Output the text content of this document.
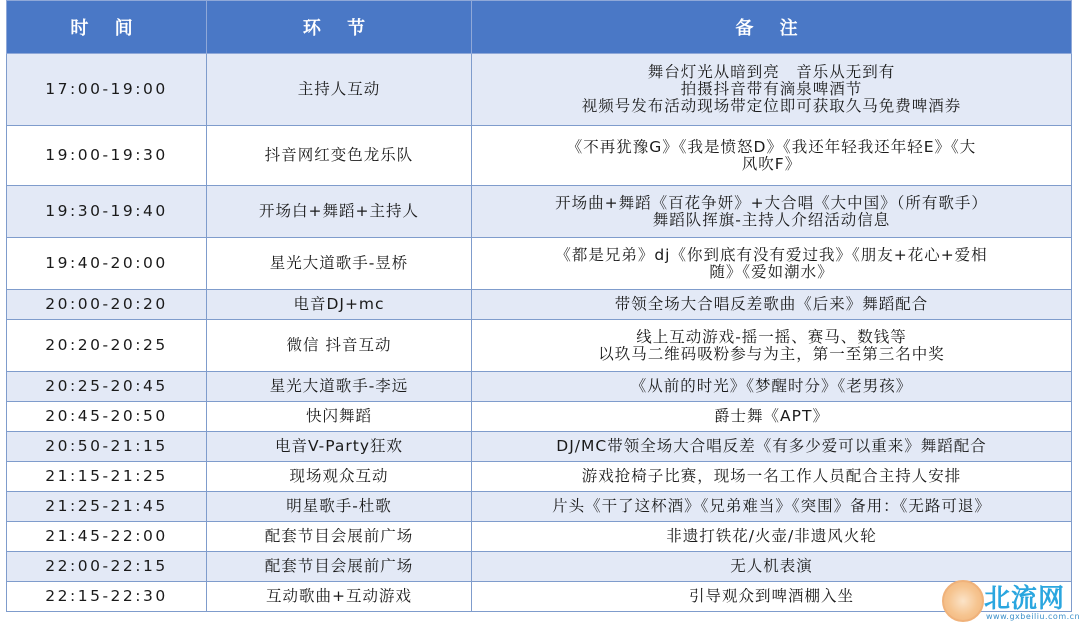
时 间	环 节	备 注
17:00-19:00	主持人互动	舞台灯光从暗到亮　音乐从无到有
拍摄抖音带有滴泉啤酒节
视频号发布活动现场带定位即可获取久马免费啤酒券

19:00-19:30	抖音网红变色龙乐队	《不再犹豫G》《我是愤怒D》《我还年轻我还年轻E》《大
风吹F》

19:30-19:40	开场白+舞蹈+主持人	开场曲+舞蹈《百花争妍》+大合唱《大中国》（所有歌手）
舞蹈队挥旗-主持人介绍活动信息

19:40-20:00	星光大道歌手-昱桥	《都是兄弟》dj《你到底有没有爱过我》《朋友+花心+爱相
随》《爱如潮水》

20:00-20:20	电音DJ+mc	带领全场大合唱反差歌曲《后来》舞蹈配合

20:20-20:25	微信 抖音互动	线上互动游戏-摇一摇、赛马、数钱等
以玖马二维码吸粉参与为主，第一至第三名中奖

20:25-20:45	星光大道歌手-李远	《从前的时光》《梦醒时分》《老男孩》

20:45-20:50	快闪舞蹈	爵士舞《APT》

20:50-21:15	电音V-Party狂欢	DJ/MC带领全场大合唱反差《有多少爱可以重来》舞蹈配合

21:15-21:25	现场观众互动	游戏抢椅子比赛，现场一名工作人员配合主持人安排

21:25-21:45	明星歌手-杜歌	片头《干了这杯酒》《兄弟难当》《突围》备用：《无路可退》

21:45-22:00	配套节目会展前广场	非遗打铁花/火壶/非遗风火轮

22:00-22:15	配套节目会展前广场	无人机表演

22:15-22:30	互动歌曲+互动游戏	引导观众到啤酒棚入坐	北流网
www.gxbeiliu.com.cn
